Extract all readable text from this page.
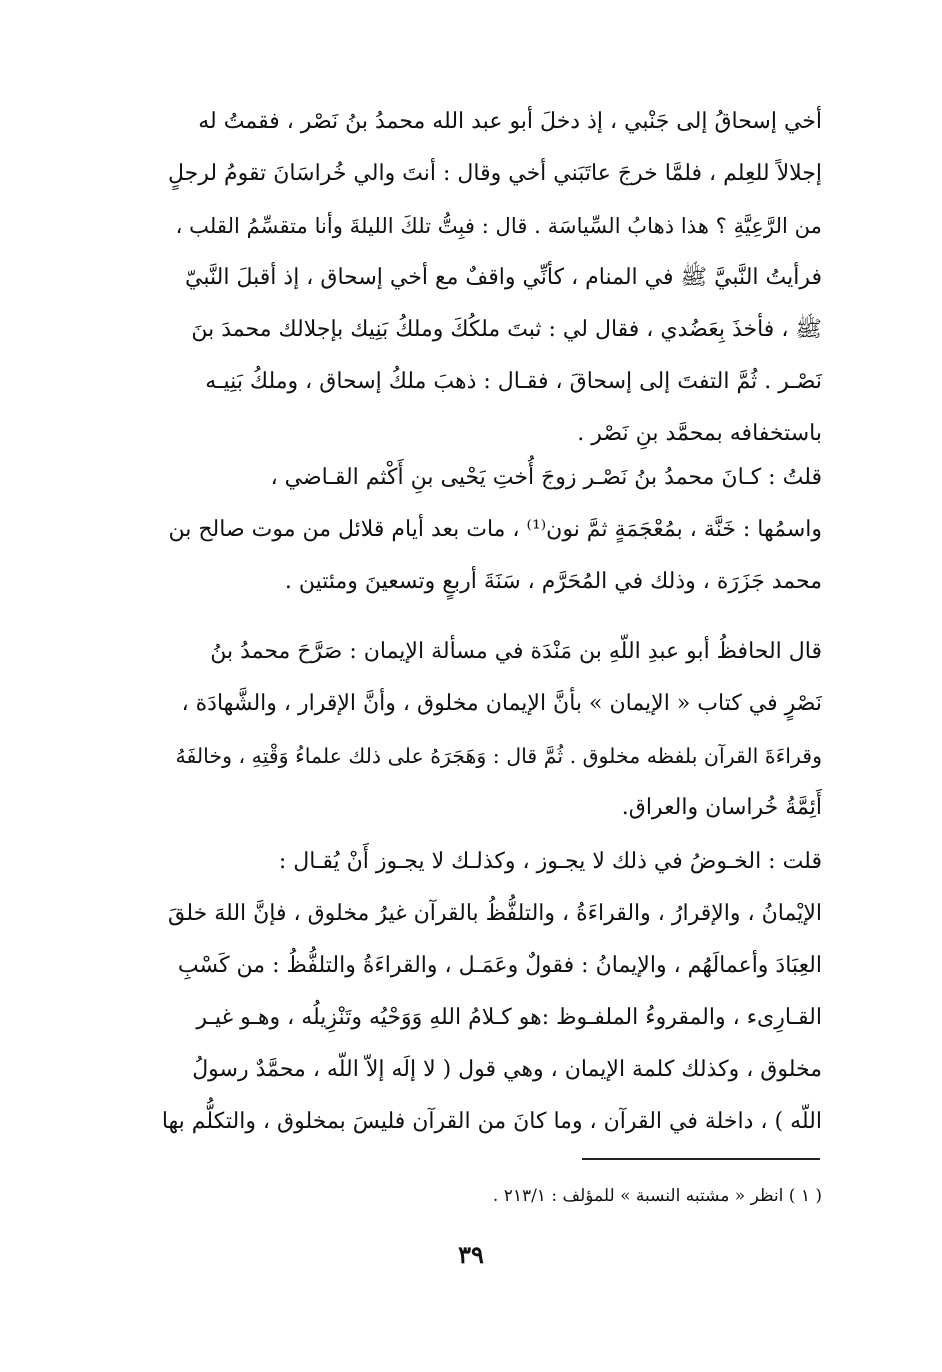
أخي إسحاقُ إلى جَنْبي ، إذ دخلَ أبو عبد الله محمدُ بنُ نَصْر ، فقمتُ له
إجلالاً للعِلم ، فلمَّا خرجَ عاتَبَني أخي وقال : أنتَ والي خُراسَانَ تقومُ لرجلٍ
من الرَّعِيَّةِ ؟ هذا ذهابُ السِّياسَة . قال : فبِتُّ تلكَ الليلةَ وأنا متقسِّمُ القلب ،
فرأيتُ النَّبيَّ ﷺ في المنام ، كأنِّي واقفٌ مع أخي إسحاق ، إذ أقبلَ النَّبيّ
ﷺ ، فأخذَ بِعَضُدي ، فقال لي : ثبتَ ملكُكَ وملكُ بَنِيك بإجلالك محمدَ بنَ
نَصْـر . ثُمَّ التفتَ إلى إسحاقَ ، فقـال : ذهبَ ملكُ إسحاق ، وملكُ بَنِيـه
باستخفافه بمحمَّد بنِ نَصْر .
قلتُ : كـانَ محمدُ بنُ نَصْـر زوجَ أُختِ يَحْيى بنِ أَكْثم القـاضي ،
واسمُها : خَنَّة ، بمُعْجَمَةٍ ثمَّ نون⁽¹⁾ ، مات بعد أيام قلائل من موت صالح بن
محمد جَزَرَة ، وذلك في المُحَرَّم ، سَنَةَ أربعٍ وتسعينَ ومئتين .
قال الحافظُ أبو عبدِ اللّهِ بن مَنْدَة في مسألة الإيمان : صَرَّحَ محمدُ بنُ
نَصْرٍ في كتاب « الإيمان » بأنَّ الإيمان مخلوق ، وأنَّ الإقرار ، والشَّهادَة ،
وقراءَةَ القرآن بلفظه مخلوق . ثُمَّ قال : وَهَجَرَهُ على ذلك علماءُ وَقْتِهِ ، وخالفَهُ
أَئِمَّةُ خُراسان والعراق.
قلت : الخـوضُ في ذلك لا يجـوز ، وكذلـك لا يجـوز أَنْ يُقـال :
الإيْمانُ ، والإقرارُ ، والقراءَةُ ، والتلفُّظُ بالقرآن غيرُ مخلوق ، فإنَّ اللهَ خلقَ
العِبَادَ وأعمالَهُم ، والإيمانُ : فقولٌ وعَمَـل ، والقراءَةُ والتلفُّظُ : من كَسْبِ
القـارِىء ، والمقروءُ الملفـوظ :هو كـلامُ اللهِ وَوَحْيُه وتَنْزِيلُه ، وهـو غيـر
مخلوق ، وكذلك كلمة الإيمان ، وهي قول ( لا إلَه إلاّ اللّه ، محمَّدٌ رسولُ
اللّه ) ، داخلة في القرآن ، وما كانَ من القرآن فليسَ بمخلوق ، والتكلُّم بها
( ١ ) انظر « مشتبه النسبة » للمؤلف : ٢١٣/١ .
٣٩
